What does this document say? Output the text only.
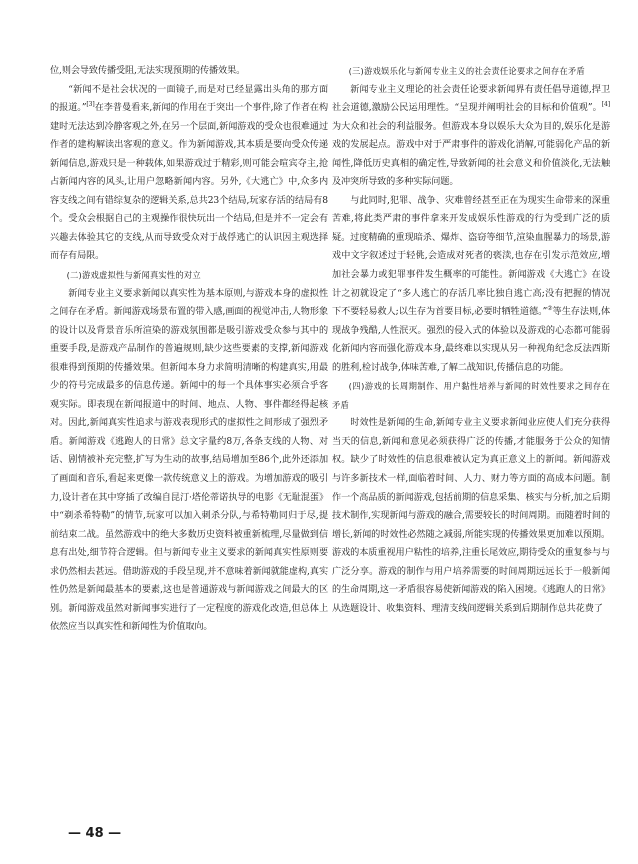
位,则会导致传播受阻,无法实现预期的传播效果。

“新闻不是社会状况的一面镜子,而是对已经显露出头角的那方面的报道。”[3]在李普曼看来,新闻的作用在于突出一个事件,除了作者在构建时无法达到冷静客观之外,在另一个层面,新闻游戏的受众也很难通过作者的建构解读出客观的意义。作为新闻游戏,其本质是要向受众传递新闻信息,游戏只是一种载体,如果游戏过于精彩,则可能会喧宾夺主,抢占新闻内容的风头,让用户忽略新闻内容。另外,《大逃亡》中,众多内容支线之间有错综复杂的逻辑关系,总共23个结局,玩家存活的结局有8个。受众会根据自己的主观操作很快玩出一个结局,但是并不一定会有兴趣去体验其它的支线,从而导致受众对于战俘逃亡的认识因主观选择而存有局限。

(二)游戏虚拟性与新闻真实性的对立

新闻专业主义要求新闻以真实性为基本原则,与游戏本身的虚拟性之间存在矛盾。新闻游戏场景布置的带入感,画面的视觉冲击,人物形象的设计以及背景音乐所渲染的游戏氛围都是吸引游戏受众参与其中的重要手段,是游戏产品制作的普遍规则,缺少这些要素的支撑,新闻游戏很难得到预期的传播效果。但新闻本身力求简明清晰的构建真实,用最少的符号完成最多的信息传递。新闻中的每一个具体事实必须合乎客观实际。即表现在新闻报道中的时间、地点、人物、事件都经得起核对。因此,新闻真实性追求与游戏表现形式的虚拟性之间形成了强烈矛盾。新闻游戏《逃跑人的日常》总文字量约8万,各条支线的人物、对话、剧情被补充完整,扩写为生动的故事,结局增加至86个,此外还添加了画面和音乐,看起来更像一款传统意义上的游戏。为增加游戏的吸引力,设计者在其中穿插了改编自昆汀·塔伦蒂诺执导的电影《无耻混蛋》中“剃杀希特勒”的情节,玩家可以加入刺杀分队,与希特勒同归于尽,提前结束二战。虽然游戏中的绝大多数历史资料被重新梳理,尽量做到信息有出处,细节符合逻辑。但与新闻专业主义要求的新闻真实性原则要求仍然相去甚远。借助游戏的手段呈现,并不意味着新闻就能虚构,真实性仍然是新闻最基本的要素,这也是普通游戏与新闻游戏之间最大的区别。新闻游戏虽然对新闻事实进行了一定程度的游戏化改造,但总体上依然应当以真实性和新闻性为价值取向。

(三)游戏娱乐化与新闻专业主义的社会责任论要求之间存在矛盾

新闻专业主义理论的社会责任论要求新闻界有责任倡导道德,捍卫社会道德,激励公民运用理性。“呈现并阐明社会的目标和价值观”。[4]为大众和社会的利益服务。但游戏本身以娱乐大众为目的,娱乐化是游戏的发展起点。游戏中对于严肃事件的游戏化消解,可能弱化产品的新闻性,降低历史真相的确定性,导致新闻的社会意义和价值淡化,无法触及冲突所导致的多种实际问题。

与此同时,犯罪、战争、灾难曾经甚至正在为现实生命带来的深重苦难,将此类严肃的事件拿来开发成娱乐性游戏的行为受到广泛的质疑。过度精确的重现暗杀、爆炸、盗窃等细节,渲染血腥暴力的场景,游戏中文字叙述过于轻佻,会造成对死者的亵渎,也存在引发示范效应,增加社会暴力或犯罪事件发生概率的可能性。新闻游戏《大逃亡》在设计之初就设定了“多人逃亡的存活几率比独自逃亡高;没有把握的情况下不要轻易救人;以生存为首要目标,必要时牺牲道德。”②等生存法则,体现战争残酷,人性泯灭。强烈的侵入式的体验以及游戏的心态都可能弱化新闻内容而强化游戏本身,最终难以实现从另一种视角纪念反法西斯的胜利,检讨战争,体味苦难,了解二战知识,传播信息的功能。

(四)游戏的长周期制作、用户黏性培养与新闻的时效性要求之间存在矛盾

时效性是新闻的生命,新闻专业主义要求新闻业应使人们充分获得当天的信息,新闻和意见必须获得广泛的传播,才能服务于公众的知情权。缺少了时效性的信息很难被认定为真正意义上的新闻。新闻游戏与许多新技术一样,面临着时间、人力、财力等方面的高成本问题。制作一个高品质的新闻游戏,包括前期的信息采集、核实与分析,加之后期技术制作,实现新闻与游戏的融合,需要较长的时间周期。而随着时间的增长,新闻的时效性必然随之减弱,所能实现的传播效果更加难以预期。游戏的本质重视用户粘性的培养,注重长尾效应,期待受众的重复参与与广泛分享。游戏的制作与用户培养需要的时间周期远远长于一般新闻的生命周期,这一矛盾很容易使新闻游戏的陷入困境。《逃跑人的日常》从选题设计、收集资料、理清支线间逻辑关系到后期制作总共花费了

— 48 —
